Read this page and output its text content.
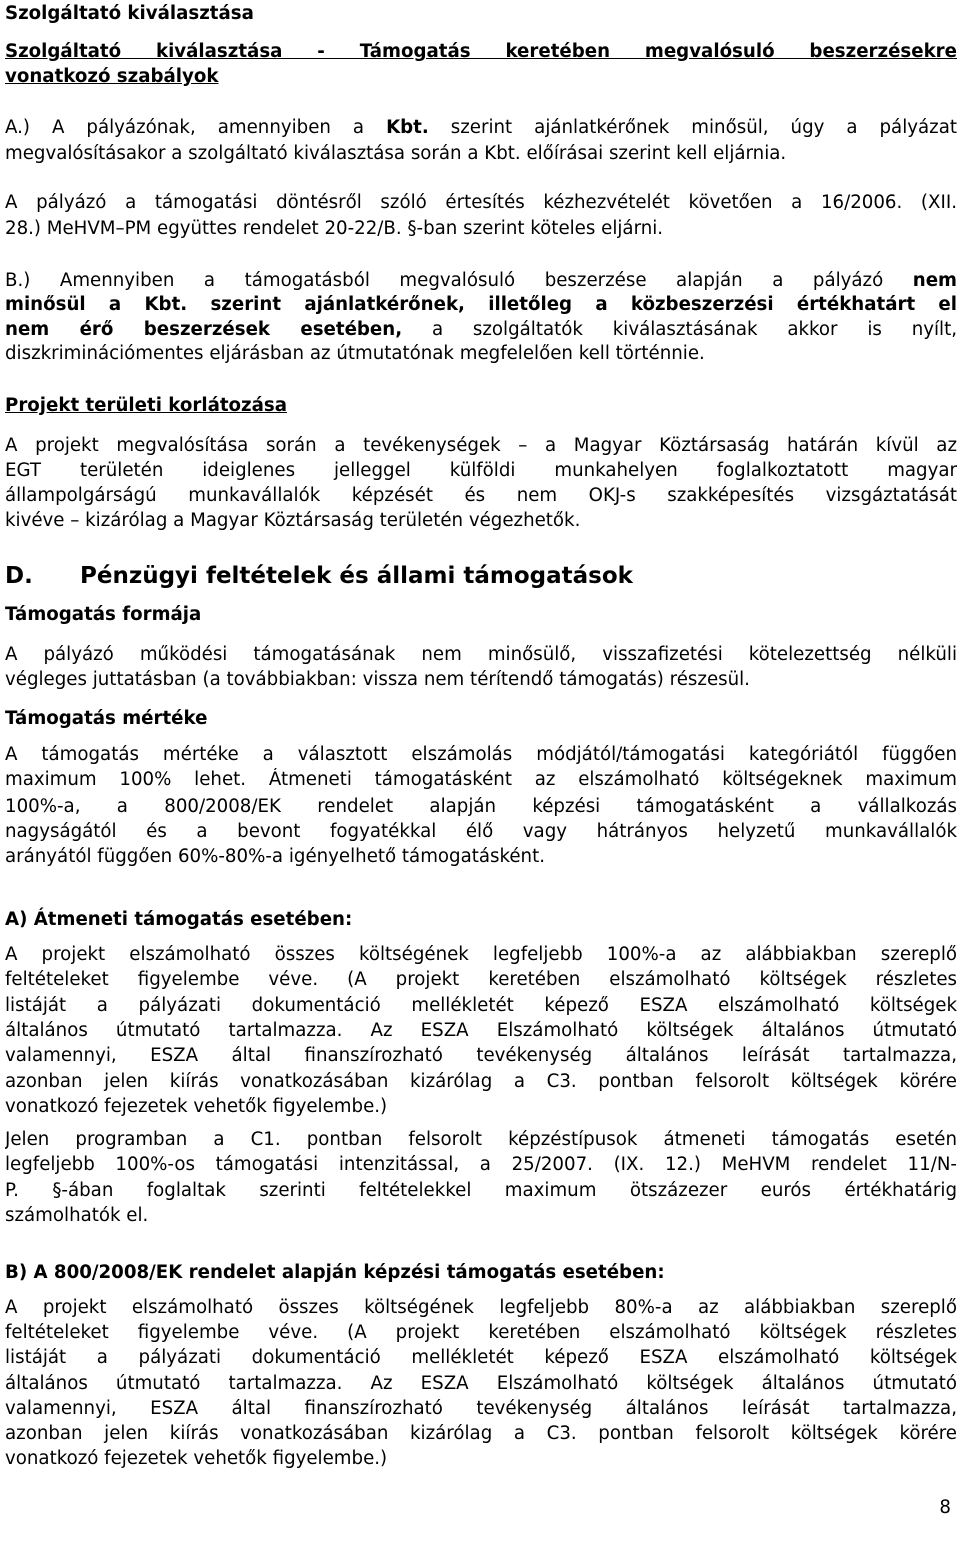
Szolgáltató kiválasztása
Szolgáltató kiválasztása - Támogatás keretében megvalósuló beszerzésekre
vonatkozó szabályok
A.) A pályázónak, amennyiben a Kbt. szerint ajánlatkérőnek minősül, úgy a pályázat
megvalósításakor a szolgáltató kiválasztása során a Kbt. előírásai szerint kell eljárnia.
A pályázó a támogatási döntésről szóló értesítés kézhezvételét követően a 16/2006. (XII.
28.) MeHVM–PM együttes rendelet 20-22/B. §-ban szerint köteles eljárni.
B.) Amennyiben a támogatásból megvalósuló beszerzése alapján a pályázó nem
minősül a Kbt. szerint ajánlatkérőnek, illetőleg a közbeszerzési értékhatárt el
nem érő beszerzések esetében, a szolgáltatók kiválasztásának akkor is nyílt,
diszkriminációmentes eljárásban az útmutatónak megfelelően kell történnie.
Projekt területi korlátozása
A projekt megvalósítása során a tevékenységek – a Magyar Köztársaság határán kívül az
EGT területén ideiglenes jelleggel külföldi munkahelyen foglalkoztatott magyar
állampolgárságú munkavállalók képzését és nem OKJ-s szakképesítés vizsgáztatását
kivéve – kizárólag a Magyar Köztársaság területén végezhetők.
D. Pénzügyi feltételek és állami támogatások
Támogatás formája
A pályázó működési támogatásának nem minősülő, visszafizetési kötelezettség nélküli
végleges juttatásban (a továbbiakban: vissza nem térítendő támogatás) részesül.
Támogatás mértéke
A támogatás mértéke a választott elszámolás módjától/támogatási kategóriától függően
maximum 100% lehet. Átmeneti támogatásként az elszámolható költségeknek maximum
100%-a, a 800/2008/EK rendelet alapján képzési támogatásként a vállalkozás
nagyságától és a bevont fogyatékkal élő vagy hátrányos helyzetű munkavállalók
arányától függően 60%-80%-a igényelhető támogatásként.
A) Átmeneti támogatás esetében:
A projekt elszámolható összes költségének legfeljebb 100%-a az alábbiakban szereplő
feltételeket figyelembe véve. (A projekt keretében elszámolható költségek részletes
listáját a pályázati dokumentáció mellékletét képező ESZA elszámolható költségek
általános útmutató tartalmazza. Az ESZA Elszámolható költségek általános útmutató
valamennyi, ESZA által finanszírozható tevékenység általános leírását tartalmazza,
azonban jelen kiírás vonatkozásában kizárólag a C3. pontban felsorolt költségek körére
vonatkozó fejezetek vehetők figyelembe.)
Jelen programban a C1. pontban felsorolt képzéstípusok átmeneti támogatás esetén
legfeljebb 100%-os támogatási intenzitással, a 25/2007. (IX. 12.) MeHVM rendelet 11/N-
P. §-ában foglaltak szerinti feltételekkel maximum ötszázezer eurós értékhatárig
számolhatók el.
B) A 800/2008/EK rendelet alapján képzési támogatás esetében:
A projekt elszámolható összes költségének legfeljebb 80%-a az alábbiakban szereplő
feltételeket figyelembe véve. (A projekt keretében elszámolható költségek részletes
listáját a pályázati dokumentáció mellékletét képező ESZA elszámolható költségek
általános útmutató tartalmazza. Az ESZA Elszámolható költségek általános útmutató
valamennyi, ESZA által finanszírozható tevékenység általános leírását tartalmazza,
azonban jelen kiírás vonatkozásában kizárólag a C3. pontban felsorolt költségek körére
vonatkozó fejezetek vehetők figyelembe.)
8
